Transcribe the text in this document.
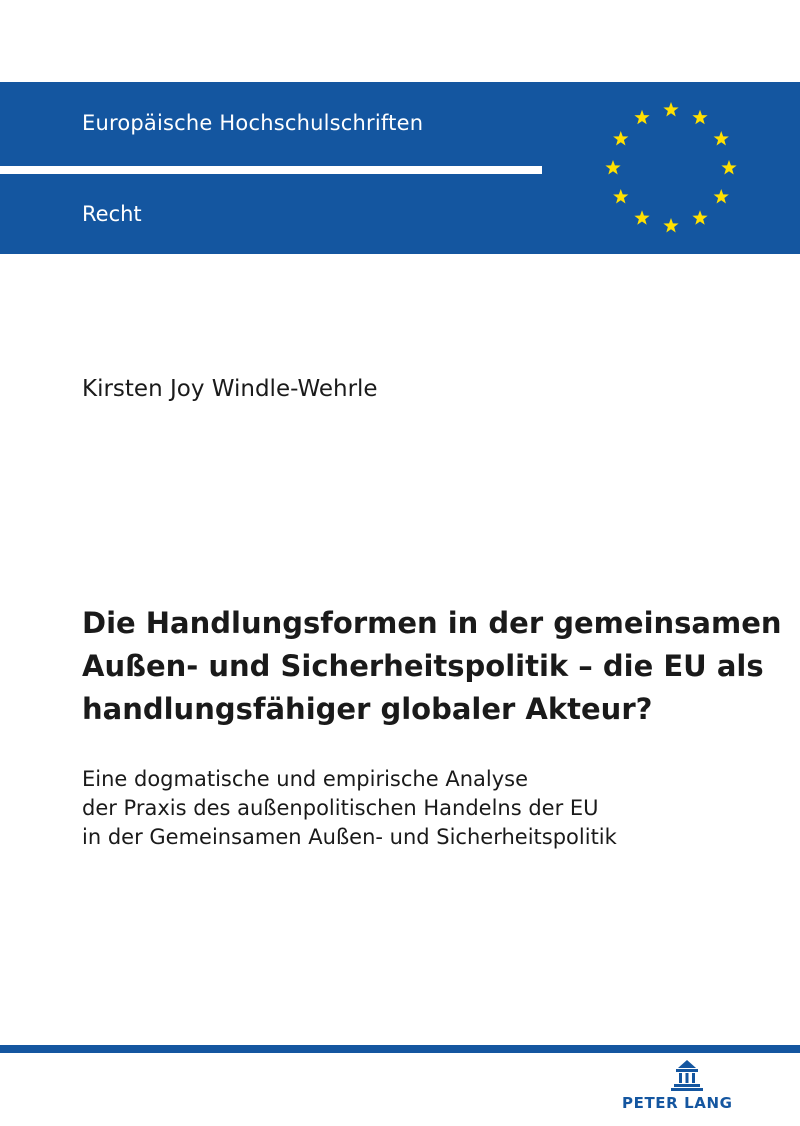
Europäische Hochschulschriften
Recht
Kirsten Joy Windle-Wehrle
Die Handlungsformen in der gemeinsamen
Außen- und Sicherheitspolitik – die EU als
handlungsfähiger globaler Akteur?

Eine dogmatische und empirische Analyse
der Praxis des außenpolitischen Handelns der EU
in der Gemeinsamen Außen- und Sicherheitspolitik

PETER LANG
